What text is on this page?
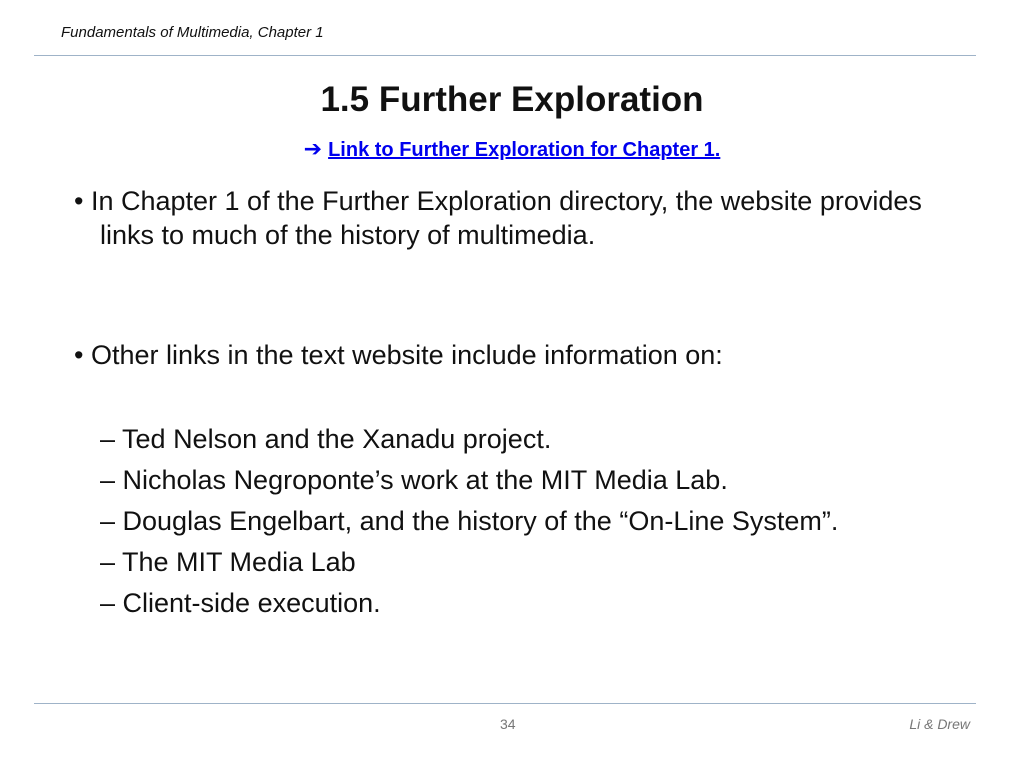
Fundamentals of Multimedia, Chapter 1
1.5 Further Exploration
➔ Link to Further Exploration for Chapter 1.

• In Chapter 1 of the Further Exploration directory, the website provides links to much of the history of multimedia.

• Other links in the text website include information on:

– Ted Nelson and the Xanadu project.

– Nicholas Negroponte’s work at the MIT Media Lab.

– Douglas Engelbart, and the history of the “On-Line System”.

– The MIT Media Lab

– Client-side execution.

34	Li & Drew
